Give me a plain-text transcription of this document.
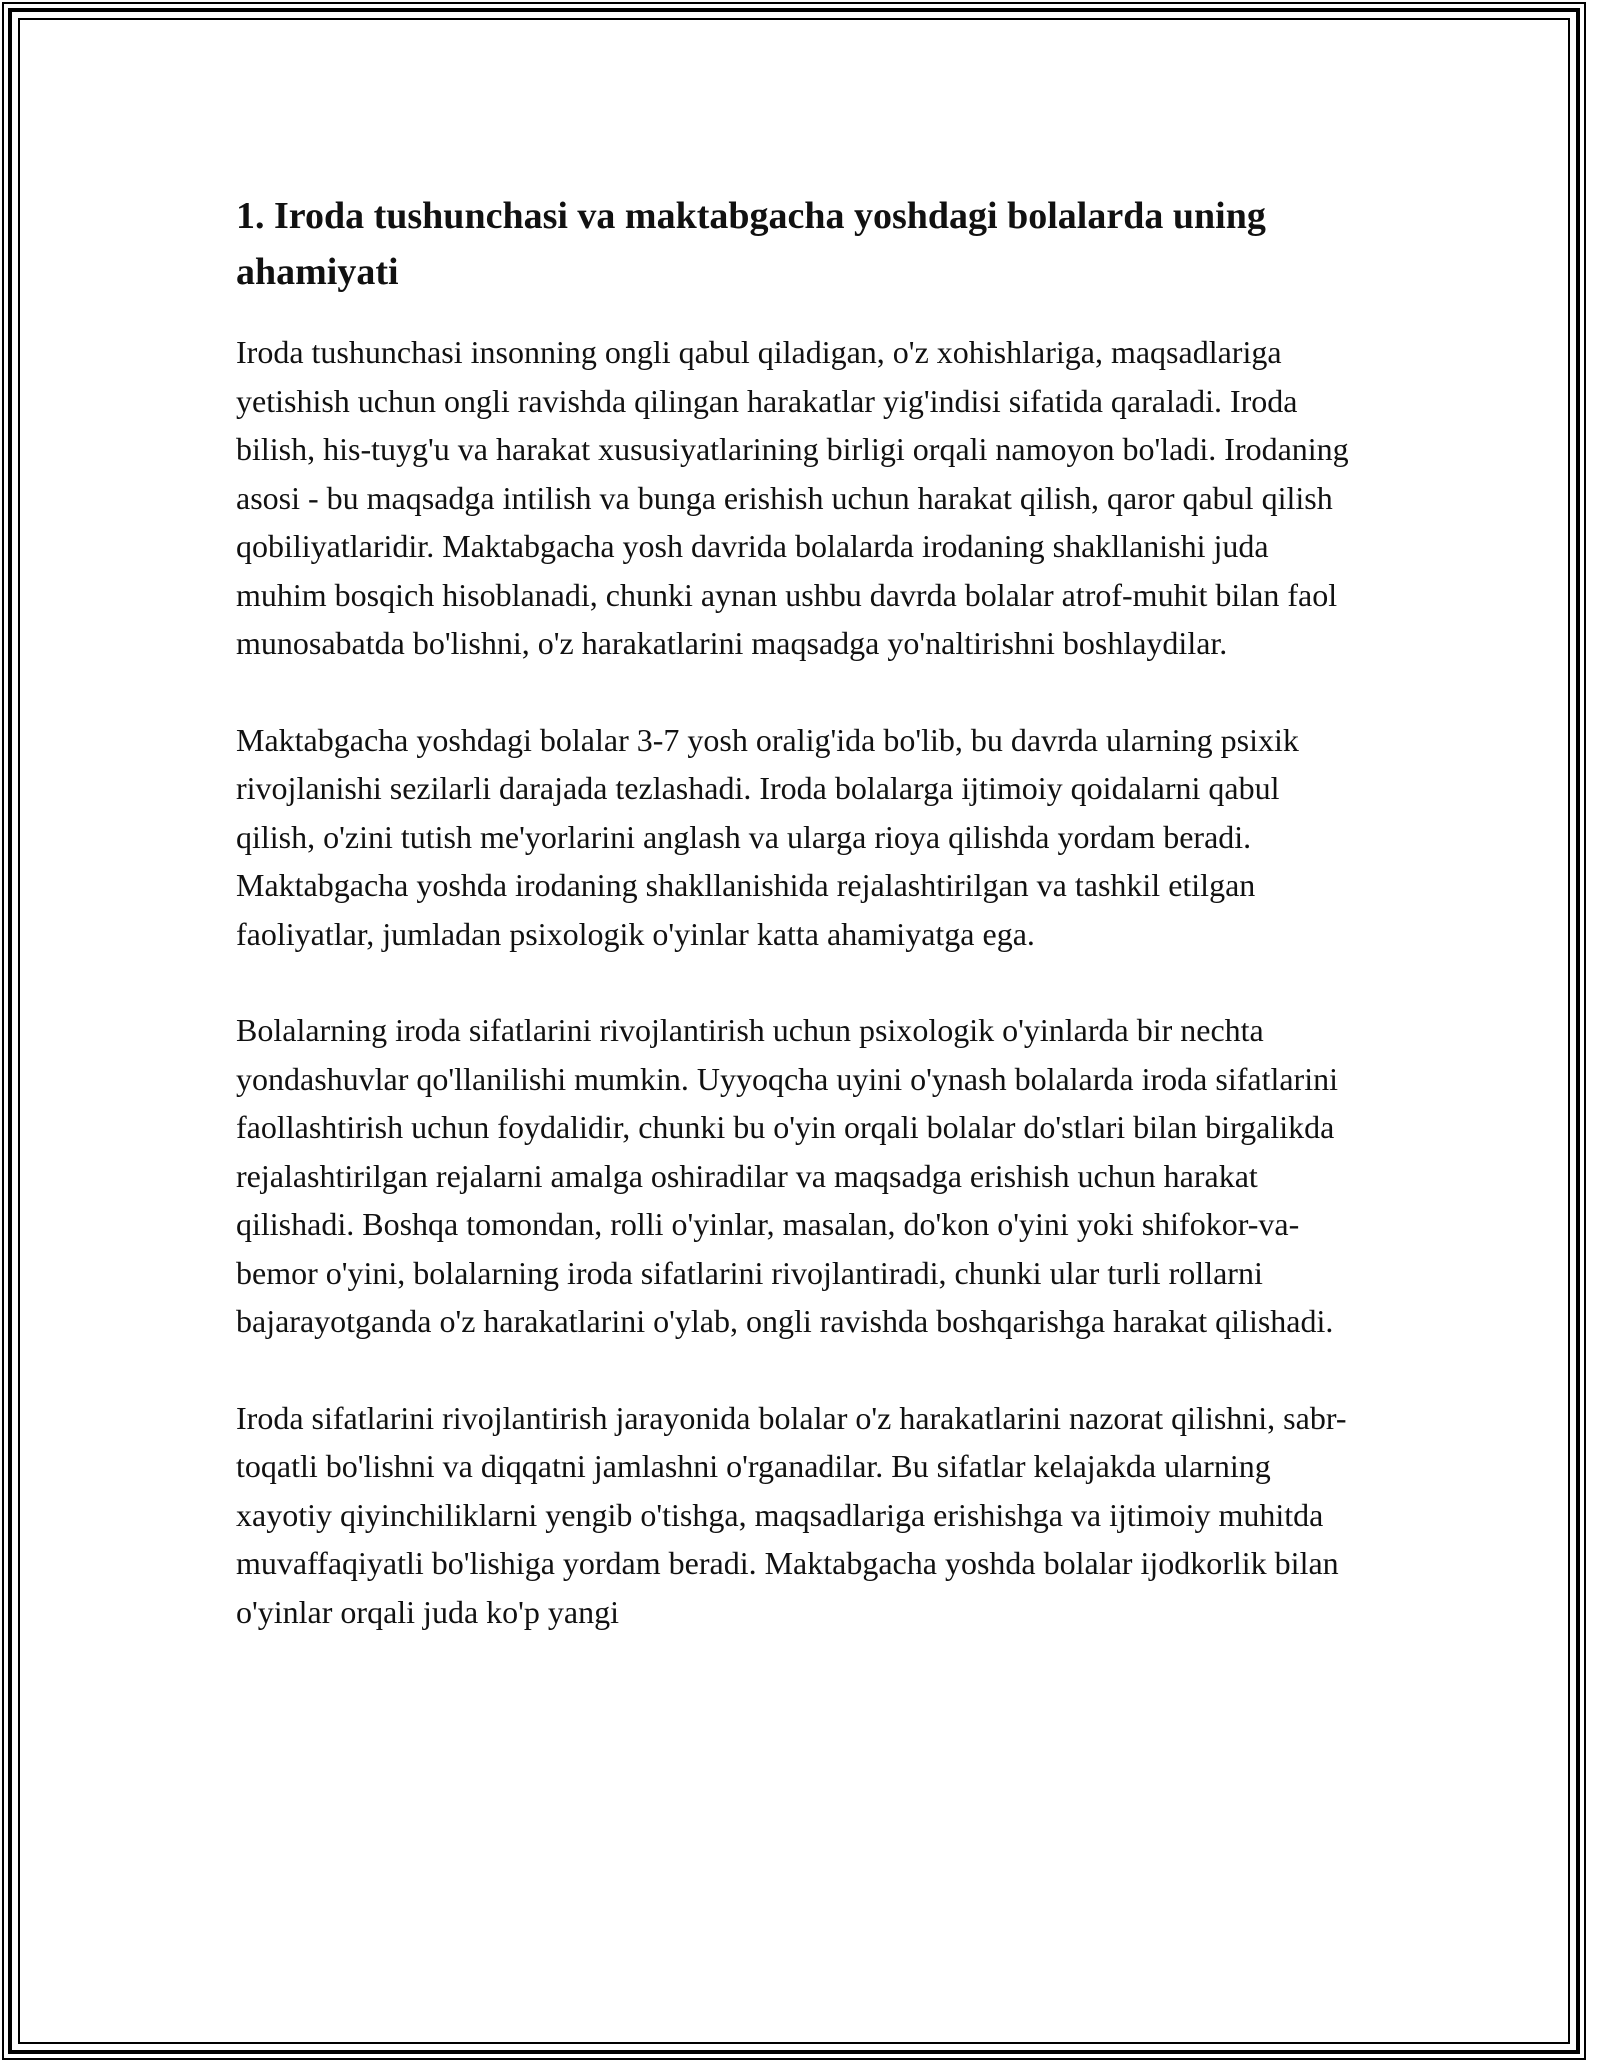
1. Iroda tushunchasi va maktabgacha yoshdagi bolalarda uning ahamiyati

Iroda tushunchasi insonning ongli qabul qiladigan, o'z xohishlariga, maqsadlariga yetishish uchun ongli ravishda qilingan harakatlar yig'indisi sifatida qaraladi. Iroda bilish, his-tuyg'u va harakat xususiyatlarining birligi orqali namoyon bo'ladi. Irodaning asosi - bu maqsadga intilish va bunga erishish uchun harakat qilish, qaror qabul qilish qobiliyatlaridir. Maktabgacha yosh davrida bolalarda irodaning shakllanishi juda muhim bosqich hisoblanadi, chunki aynan ushbu davrda bolalar atrof-muhit bilan faol munosabatda bo'lishni, o'z harakatlarini maqsadga yo'naltirishni boshlaydilar.

Maktabgacha yoshdagi bolalar 3-7 yosh oralig'ida bo'lib, bu davrda ularning psixik rivojlanishi sezilarli darajada tezlashadi. Iroda bolalarga ijtimoiy qoidalarni qabul qilish, o'zini tutish me'yorlarini anglash va ularga rioya qilishda yordam beradi. Maktabgacha yoshda irodaning shakllanishida rejalashtirilgan va tashkil etilgan faoliyatlar, jumladan psixologik o'yinlar katta ahamiyatga ega.

Bolalarning iroda sifatlarini rivojlantirish uchun psixologik o'yinlarda bir nechta yondashuvlar qo'llanilishi mumkin. Uyyoqcha uyini o'ynash bolalarda iroda sifatlarini faollashtirish uchun foydalidir, chunki bu o'yin orqali bolalar do'stlari bilan birgalikda rejalashtirilgan rejalarni amalga oshiradilar va maqsadga erishish uchun harakat qilishadi. Boshqa tomondan, rolli o'yinlar, masalan, do'kon o'yini yoki shifokor-va-bemor o'yini, bolalarning iroda sifatlarini rivojlantiradi, chunki ular turli rollarni bajarayotganda o'z harakatlarini o'ylab, ongli ravishda boshqarishga harakat qilishadi.

Iroda sifatlarini rivojlantirish jarayonida bolalar o'z harakatlarini nazorat qilishni, sabr-toqatli bo'lishni va diqqatni jamlashni o'rganadilar. Bu sifatlar kelajakda ularning xayotiy qiyinchiliklarni yengib o'tishga, maqsadlariga erishishga va ijtimoiy muhitda muvaffaqiyatli bo'lishiga yordam beradi. Maktabgacha yoshda bolalar ijodkorlik bilan o'yinlar orqali juda ko'p yangi
